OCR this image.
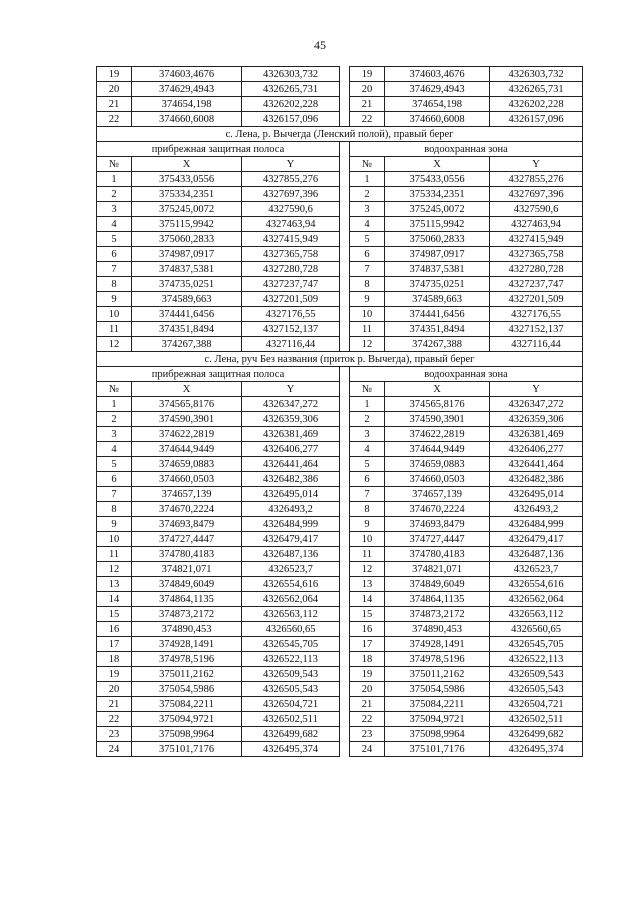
45
19	374603,4676	4326303,732		19	374603,4676	4326303,732
20	374629,4943	4326265,731		20	374629,4943	4326265,731
21	374654,198	4326202,228		21	374654,198	4326202,228
22	374660,6008	4326157,096		22	374660,6008	4326157,096
с. Лена, р. Вычегда (Ленский полой), правый берег						
прибрежная защитная полоса				водоохранная зона		
№	X	Y		№	X	Y
1	375433,0556	4327855,276		1	375433,0556	4327855,276
2	375334,2351	4327697,396		2	375334,2351	4327697,396
3	375245,0072	4327590,6		3	375245,0072	4327590,6
4	375115,9942	4327463,94		4	375115,9942	4327463,94
5	375060,2833	4327415,949		5	375060,2833	4327415,949
6	374987,0917	4327365,758		6	374987,0917	4327365,758
7	374837,5381	4327280,728		7	374837,5381	4327280,728
8	374735,0251	4327237,747		8	374735,0251	4327237,747
9	374589,663	4327201,509		9	374589,663	4327201,509
10	374441,6456	4327176,55		10	374441,6456	4327176,55
11	374351,8494	4327152,137		11	374351,8494	4327152,137
12	374267,388	4327116,44		12	374267,388	4327116,44
с. Лена, руч Без названия (приток р. Вычегда), правый берег						
прибрежная защитная полоса				водоохранная зона		
№	X	Y		№	X	Y
1	374565,8176	4326347,272		1	374565,8176	4326347,272
2	374590,3901	4326359,306		2	374590,3901	4326359,306
3	374622,2819	4326381,469		3	374622,2819	4326381,469
4	374644,9449	4326406,277		4	374644,9449	4326406,277
5	374659,0883	4326441,464		5	374659,0883	4326441,464
6	374660,0503	4326482,386		6	374660,0503	4326482,386
7	374657,139	4326495,014		7	374657,139	4326495,014
8	374670,2224	4326493,2		8	374670,2224	4326493,2
9	374693,8479	4326484,999		9	374693,8479	4326484,999
10	374727,4447	4326479,417		10	374727,4447	4326479,417
11	374780,4183	4326487,136		11	374780,4183	4326487,136
12	374821,071	4326523,7		12	374821,071	4326523,7
13	374849,6049	4326554,616		13	374849,6049	4326554,616
14	374864,1135	4326562,064		14	374864,1135	4326562,064
15	374873,2172	4326563,112		15	374873,2172	4326563,112
16	374890,453	4326560,65		16	374890,453	4326560,65
17	374928,1491	4326545,705		17	374928,1491	4326545,705
18	374978,5196	4326522,113		18	374978,5196	4326522,113
19	375011,2162	4326509,543		19	375011,2162	4326509,543
20	375054,5986	4326505,543		20	375054,5986	4326505,543
21	375084,2211	4326504,721		21	375084,2211	4326504,721
22	375094,9721	4326502,511		22	375094,9721	4326502,511
23	375098,9964	4326499,682		23	375098,9964	4326499,682
24	375101,7176	4326495,374		24	375101,7176	4326495,374
